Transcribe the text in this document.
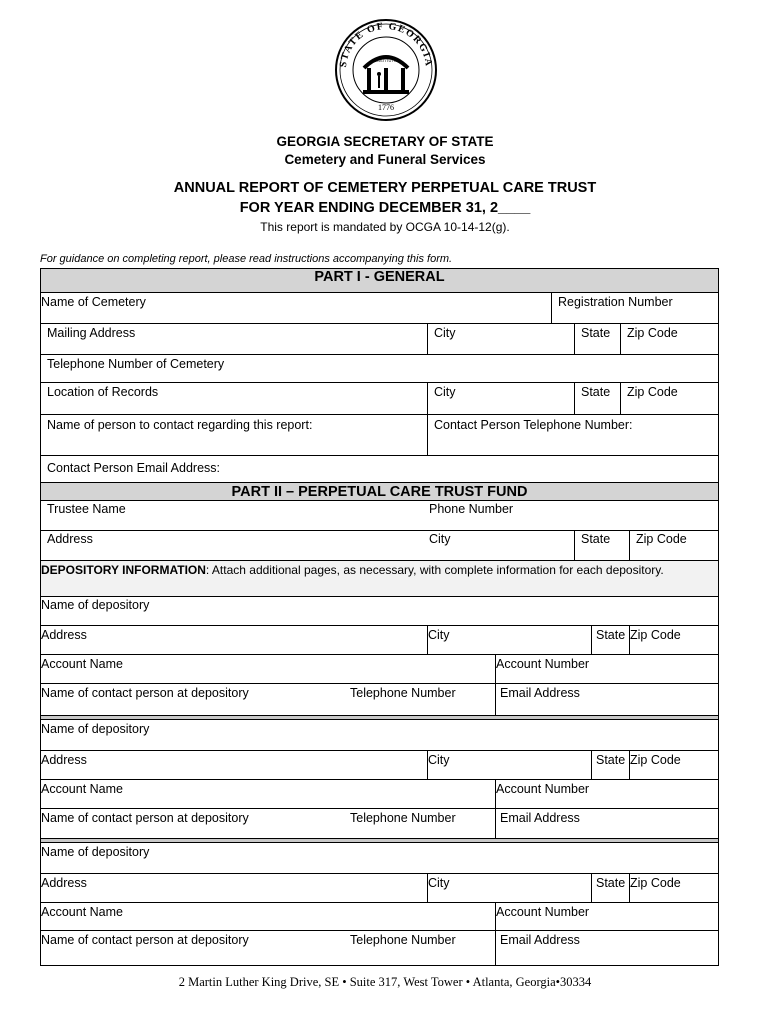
STATE OF GEORGIA
CONSTITUTION
1776
GEORGIA SECRETARY OF STATE
Cemetery and Funeral Services
ANNUAL REPORT OF CEMETERY PERPETUAL CARE TRUST
FOR YEAR ENDING DECEMBER 31, 2____
This report is mandated by OCGA 10-14-12(g).
For guidance on completing report, please read instructions accompanying this form.
PART I - GENERAL
Name of Cemetery	Registration Number
Mailing Address	City	State	Zip Code
Telephone Number of Cemetery
Location of Records	City	State	Zip Code
Name of person to contact regarding this report:	Contact Person Telephone Number:
Contact Person Email Address:
PART II – PERPETUAL CARE TRUST FUND
Trustee Name	Phone Number
Address	City	State	Zip Code
DEPOSITORY INFORMATION: Attach additional pages, as necessary, with complete information for each depository.
Name of depository
Address	City	State Zip Code
Account Name	Account Number
Name of contact person at depository	Telephone Number	Email Address
Name of depository
Address	City	State Zip Code
Account Name	Account Number
Name of contact person at depository	Telephone Number	Email Address
Name of depository
Address	City	State Zip Code
Account Name	Account Number
Name of contact person at depository	Telephone Number	Email Address
2 Martin Luther King Drive, SE • Suite 317, West Tower • Atlanta, Georgia•30334
